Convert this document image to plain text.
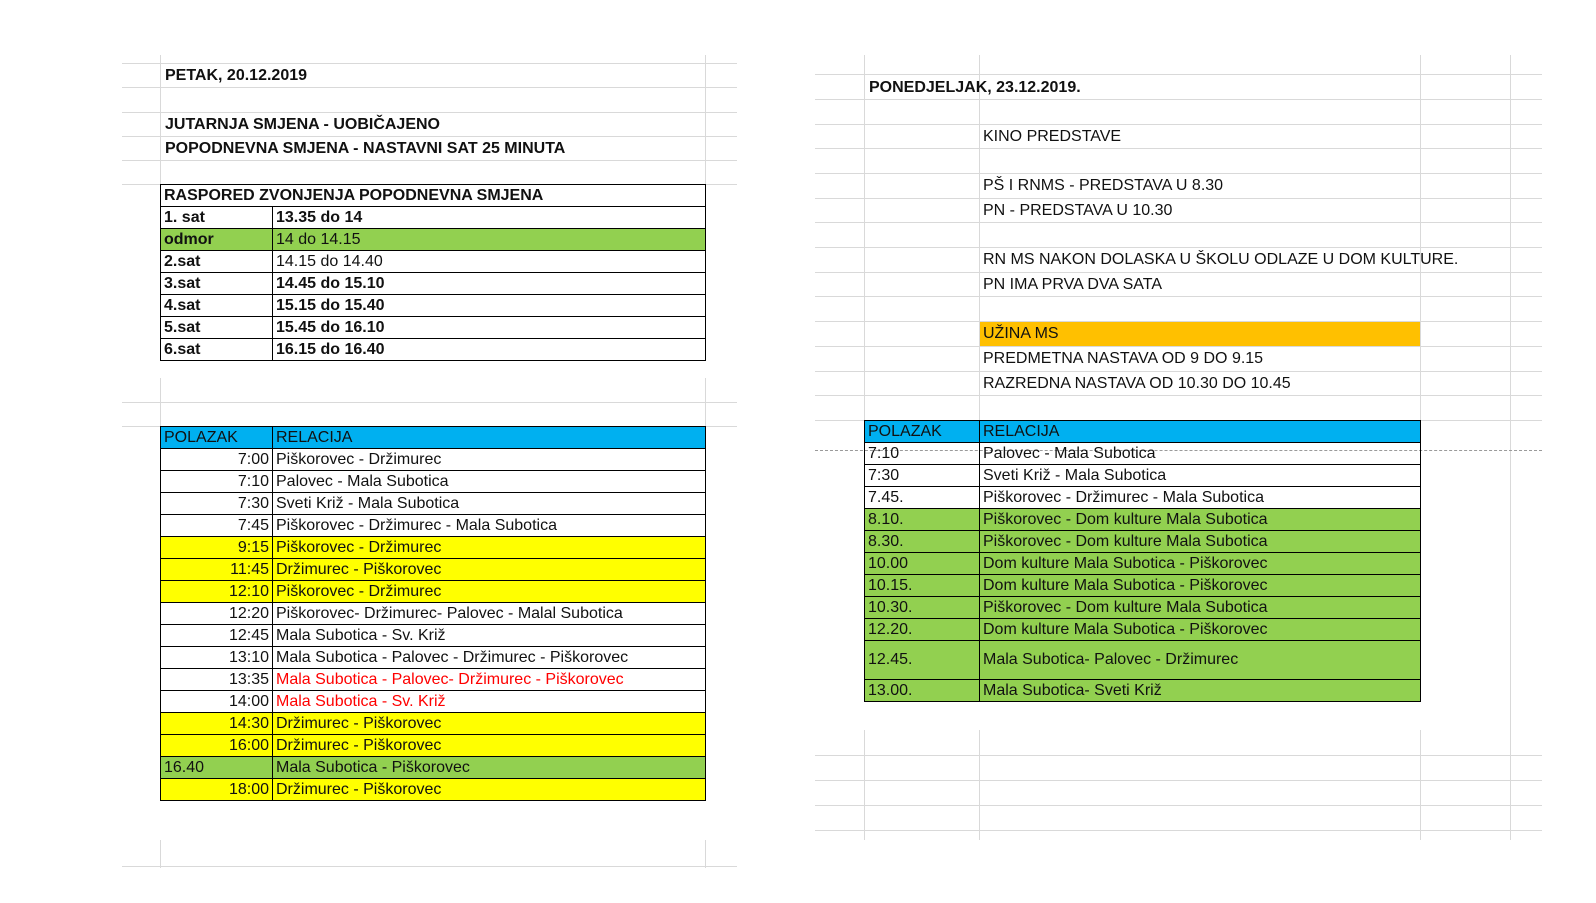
PETAK, 20.12.2019
JUTARNJA SMJENA - UOBIČAJENO
POPODNEVNA SMJENA - NASTAVNI SAT 25 MINUTA
RASPORED ZVONJENJA POPODNEVNA SMJENA	
1. sat	13.35 do 14
odmor	14 do 14.15
2.sat	14.15 do 14.40
3.sat	14.45 do 15.10
4.sat	15.15 do 15.40
5.sat	15.45 do 16.10
6.sat	16.15 do 16.40
POLAZAK	RELACIJA
7:00	Piškorovec - Držimurec
7:10	Palovec - Mala Subotica
7:30	Sveti Križ - Mala Subotica
7:45	Piškorovec - Držimurec - Mala Subotica
9:15	Piškorovec - Držimurec
11:45	Držimurec - Piškorovec
12:10	Piškorovec - Držimurec
12:20	Piškorovec- Držimurec- Palovec - Malal Subotica
12:45	Mala Subotica - Sv. Križ
13:10	Mala Subotica - Palovec - Držimurec - Piškorovec
13:35	Mala Subotica - Palovec- Držimurec - Piškorovec
14:00	Mala Subotica - Sv. Križ
14:30	Držimurec - Piškorovec
16:00	Držimurec - Piškorovec
16.40	Mala Subotica - Piškorovec
18:00	Držimurec - Piškorovec
PONEDJELJAK, 23.12.2019.
KINO PREDSTAVE
PŠ I RNMS - PREDSTAVA U 8.30
PN - PREDSTAVA U 10.30
RN MS NAKON DOLASKA U ŠKOLU ODLAZE U DOM KULTURE.
PN IMA PRVA DVA SATA
UŽINA MS
PREDMETNA NASTAVA OD 9 DO 9.15
RAZREDNA NASTAVA OD 10.30 DO 10.45
POLAZAK	RELACIJA
7:10	Palovec - Mala Subotica
7:30	Sveti Križ - Mala Subotica
7.45.	Piškorovec - Držimurec - Mala Subotica
8.10.	Piškorovec - Dom kulture Mala Subotica
8.30.	Piškorovec - Dom kulture Mala Subotica
10.00	Dom kulture Mala Subotica - Piškorovec
10.15.	Dom kulture Mala Subotica - Piškorovec
10.30.	Piškorovec - Dom kulture Mala Subotica
12.20.	Dom kulture Mala Subotica - Piškorovec
12.45.	Mala Subotica- Palovec - Držimurec
13.00.	Mala Subotica- Sveti Križ
